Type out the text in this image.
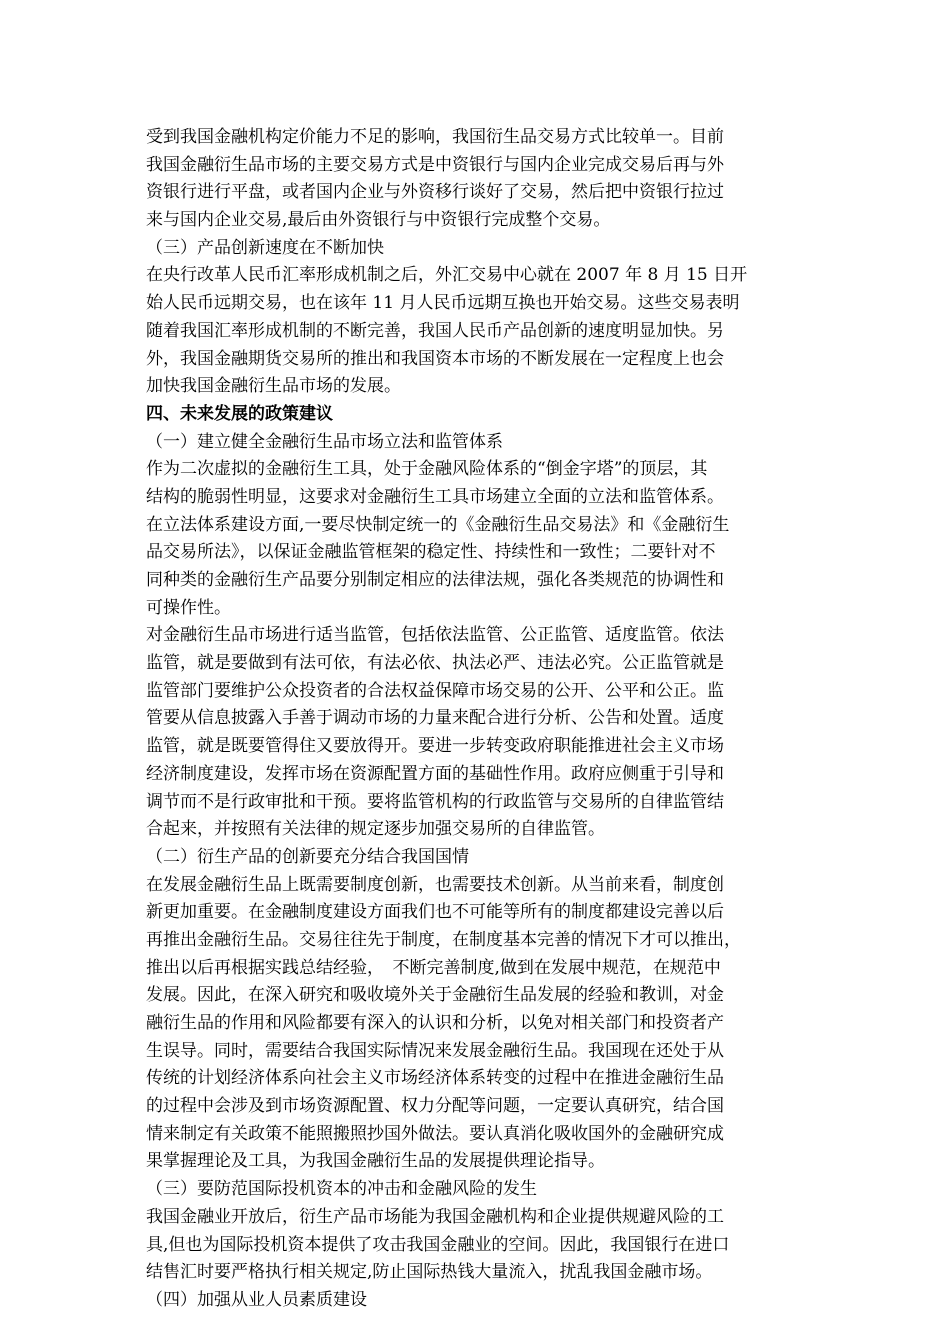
受到我国金融机构定价能力不足的影响，我国衍生品交易方式比较单一。目前
我国金融衍生品市场的主要交易方式是中资银行与国内企业完成交易后再与外
资银行进行平盘，或者国内企业与外资移行谈好了交易，然后把中资银行拉过
来与国内企业交易,最后由外资银行与中资银行完成整个交易。
（三）产品创新速度在不断加快
在央行改革人民币汇率形成机制之后，外汇交易中心就在 2007 年 8 月 15 日开
始人民币远期交易，也在该年 11 月人民币远期互换也开始交易。这些交易表明
随着我国汇率形成机制的不断完善，我国人民币产品创新的速度明显加快。另
外，我国金融期货交易所的推出和我国资本市场的不断发展在一定程度上也会
加快我国金融衍生品市场的发展。
四、未来发展的政策建议
（一）建立健全金融衍生品市场立法和监管体系
作为二次虚拟的金融衍生工具，处于金融风险体系的“倒金字塔”的顶层，其
结构的脆弱性明显，这要求对金融衍生工具市场建立全面的立法和监管体系。
在立法体系建设方面,一要尽快制定统一的《金融衍生品交易法》和《金融衍生
品交易所法》，以保证金融监管框架的稳定性、持续性和一致性；二要针对不
同种类的金融衍生产品要分别制定相应的法律法规，强化各类规范的协调性和
可操作性。
对金融衍生品市场进行适当监管，包括依法监管、公正监管、适度监管。依法
监管，就是要做到有法可依，有法必依、执法必严、违法必究。公正监管就是
监管部门要维护公众投资者的合法权益保障市场交易的公开、公平和公正。监
管要从信息披露入手善于调动市场的力量来配合进行分析、公告和处置。适度
监管，就是既要管得住又要放得开。要进一步转变政府职能推进社会主义市场
经济制度建设，发挥市场在资源配置方面的基础性作用。政府应侧重于引导和
调节而不是行政审批和干预。要将监管机构的行政监管与交易所的自律监管结
合起来，并按照有关法律的规定逐步加强交易所的自律监管。
（二）衍生产品的创新要充分结合我国国情
在发展金融衍生品上既需要制度创新，也需要技术创新。从当前来看，制度创
新更加重要。在金融制度建设方面我们也不可能等所有的制度都建设完善以后
再推出金融衍生品。交易往往先于制度，在制度基本完善的情况下才可以推出，
推出以后再根据实践总结经验，　不断完善制度,做到在发展中规范，在规范中
发展。因此，在深入研究和吸收境外关于金融衍生品发展的经验和教训，对金
融衍生品的作用和风险都要有深入的认识和分析，以免对相关部门和投资者产
生误导。同时，需要结合我国实际情况来发展金融衍生品。我国现在还处于从
传统的计划经济体系向社会主义市场经济体系转变的过程中在推进金融衍生品
的过程中会涉及到市场资源配置、权力分配等问题，一定要认真研究，结合国
情来制定有关政策不能照搬照抄国外做法。要认真消化吸收国外的金融研究成
果掌握理论及工具，为我国金融衍生品的发展提供理论指导。
（三）要防范国际投机资本的冲击和金融风险的发生
我国金融业开放后，衍生产品市场能为我国金融机构和企业提供规避风险的工
具,但也为国际投机资本提供了攻击我国金融业的空间。因此，我国银行在进口
结售汇时要严格执行相关规定,防止国际热钱大量流入，扰乱我国金融市场。
（四）加强从业人员素质建设
